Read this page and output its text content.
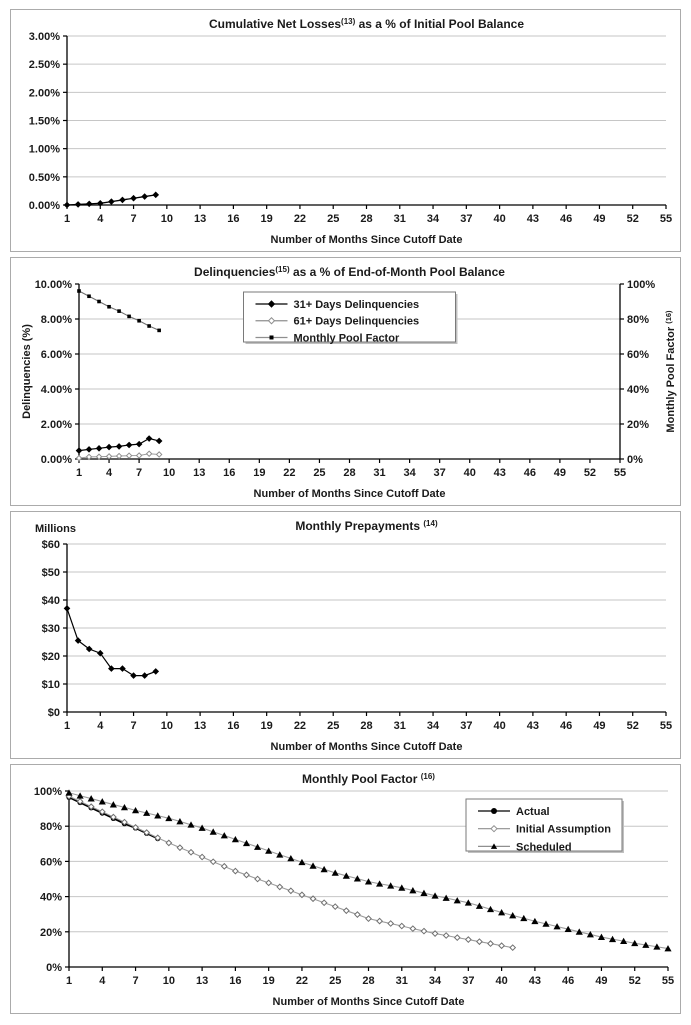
0.00%
0.50%
1.00%
1.50%
2.00%
2.50%
3.00%
1 4 7 10 13 16 19 22 25 28 31 34 37 40 43 46 49 52 55
Number of Months Since Cutoff Date
Cumulative Net Losses$^{(13)}$ as a % of Initial Pool Balance
0.00%
2.00%
4.00%
6.00%
8.00%
10.00%
0%
20%
40%
60%
80%
100%
1 4 7 10 13 16 19 22 25 28 31 34 37 40 43 46 49 52 55
Number of Months Since Cutoff Date
Delinquencies (%)	Monthly Pool Factor $^{(16)}$
31+ Days Delinquencies
61+ Days Delinquencies
Monthly Pool Factor
Delinquencies$^{(15)}$ as a % of End-of-Month Pool Balance
$0
$10
$20
$30
$40
$50
$60
1 4 7 10 13 16 19 22 25 28 31 34 37 40 43 46 49 52 55
Number of Months Since Cutoff Date
Millions	Monthly Prepayments $^{(14)}$
0%
20%
40%
60%
80%
100%
1 4 7 10 13 16 19 22 25 28 31 34 37 40 43 46 49 52 55
Number of Months Since Cutoff Date
Actual
Initial Assumption
Scheduled
Monthly Pool Factor $^{(16)}$
